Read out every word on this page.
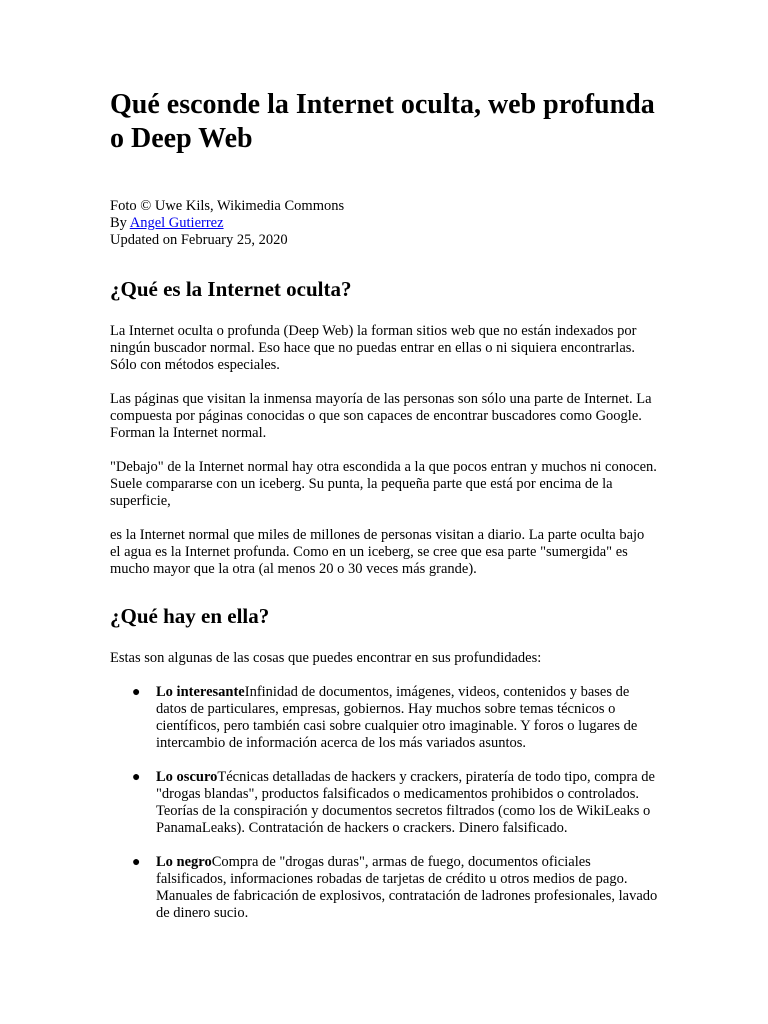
Qué esconde la Internet oculta, web profunda o Deep Web
Foto © Uwe Kils, Wikimedia Commons
By Angel Gutierrez
Updated on February 25, 2020
¿Qué es la Internet oculta?

La Internet oculta o profunda (Deep Web) la forman sitios web que no están indexados por ningún buscador normal. Eso hace que no puedas entrar en ellas o ni siquiera encontrarlas. Sólo con métodos especiales.

Las páginas que visitan la inmensa mayoría de las personas son sólo una parte de Internet. La compuesta por páginas conocidas o que son capaces de encontrar buscadores como Google. Forman la Internet normal.

"Debajo" de la Internet normal hay otra escondida a la que pocos entran y muchos ni conocen. Suele compararse con un iceberg. Su punta, la pequeña parte que está por encima de la superficie,

es la Internet normal que miles de millones de personas visitan a diario. La parte oculta bajo el agua es la Internet profunda. Como en un iceberg, se cree que esa parte "sumergida" es mucho mayor que la otra (al menos 20 o 30 veces más grande).

¿Qué hay en ella?

Estas son algunas de las cosas que puedes encontrar en sus profundidades:

● Lo interesanteInfinidad de documentos, imágenes, videos, contenidos y bases de datos de particulares, empresas, gobiernos. Hay muchos sobre temas técnicos o científicos, pero también casi sobre cualquier otro imaginable. Y foros o lugares de intercambio de información acerca de los más variados asuntos.
● Lo oscuroTécnicas detalladas de hackers y crackers, piratería de todo tipo, compra de "drogas blandas", productos falsificados o medicamentos prohibidos o controlados. Teorías de la conspiración y documentos secretos filtrados (como los de WikiLeaks o PanamaLeaks). Contratación de hackers o crackers. Dinero falsificado.
● Lo negroCompra de "drogas duras", armas de fuego, documentos oficiales falsificados, informaciones robadas de tarjetas de crédito u otros medios de pago. Manuales de fabricación de explosivos, contratación de ladrones profesionales, lavado de dinero sucio.
